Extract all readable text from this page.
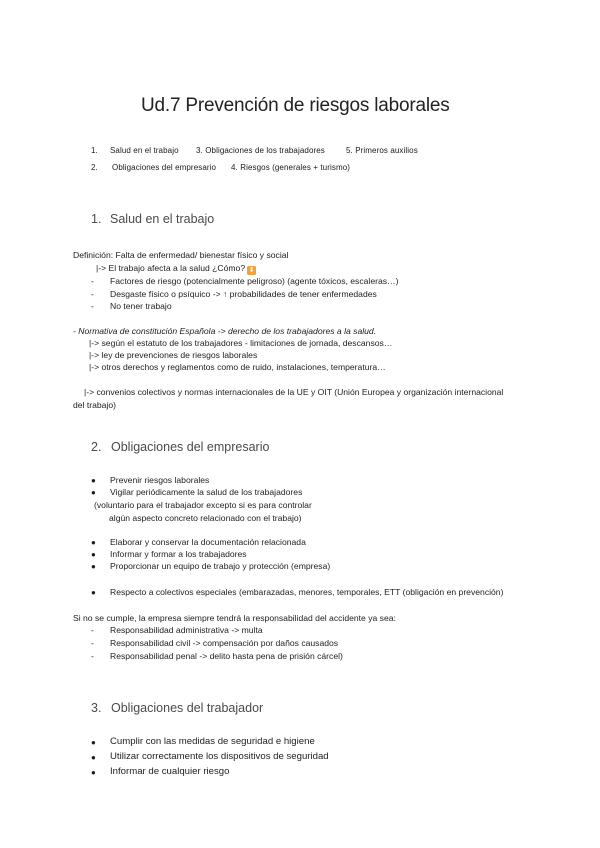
Ud.7 Prevención de riesgos laborales
1. Salud en el trabajo 3. Obligaciones de los trabajadores	5. Primeros auxilios
2. Obligaciones del empresario 4. Riesgos (generales + turismo)
1. Salud en el trabajo
Definición: Falta de enfermedad/ bienestar físico y social
|-> El trabajo afecta a la salud ¿Cómo? ⬇
- Factores de riesgo (potencialmente peligroso) (agente tóxicos, escaleras…)
- Desgaste físico o psíquico -> ↑ probabilidades de tener enfermedades
- No tener trabajo
- Normativa de constitución Española -> derecho de los trabajadores a la salud.
|-> según el estatuto de los trabajadores - limitaciones de jornada, descansos…
|-> ley de prevenciones de riesgos laborales
|-> otros derechos y reglamentos como de ruido, instalaciones, temperatura…
|-> convenios colectivos y normas internacionales de la UE y OIT (Unión Europea y organización internacional
del trabajo)
2. Obligaciones del empresario
● Prevenir riesgos laborales
● Vigilar periódicamente la salud de los trabajadores
(voluntario para el trabajador excepto si es para controlar
algún aspecto concreto relacionado con el trabajo)
● Elaborar y conservar la documentación relacionada
● Informar y formar a los trabajadores
● Proporcionar un equipo de trabajo y protección (empresa)
● Respecto a colectivos especiales (embarazadas, menores, temporales, ETT (obligación en prevención)
Si no se cumple, la empresa siempre tendrá la responsabilidad del accidente ya sea:
- Responsabilidad administrativa -> multa
- Responsabilidad civil -> compensación por daños causados
- Responsabilidad penal -> delito hasta pena de prisión cárcel)
3. Obligaciones del trabajador
● Cumplir con las medidas de seguridad e higiene
● Utilizar correctamente los dispositivos de seguridad
● Informar de cualquier riesgo
